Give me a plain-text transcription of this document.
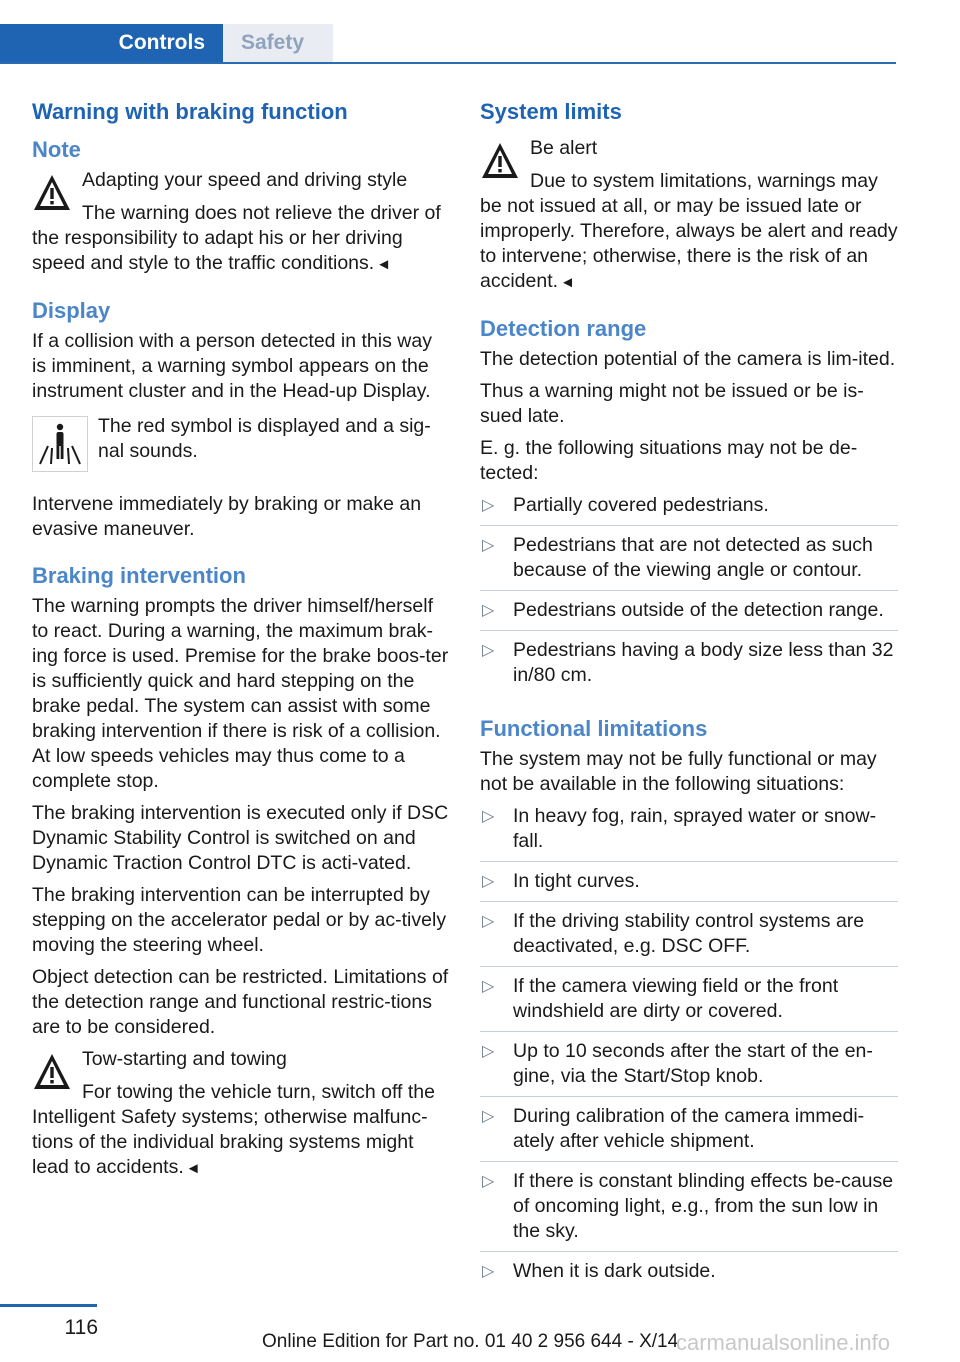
Controls	Safety
Warning with braking function
Note
Adapting your speed and driving style
The warning does not relieve the driver of the responsibility to adapt his or her driving speed and style to the traffic conditions. ◄
Display

If a collision with a person detected in this way is imminent, a warning symbol appears on the instrument cluster and in the Head-up Display.

The red symbol is displayed and a sig-nal sounds.

Intervene immediately by braking or make an evasive maneuver.

Braking intervention

The warning prompts the driver himself/herself to react. During a warning, the maximum brak-ing force is used. Premise for the brake boos-ter is sufficiently quick and hard stepping on the brake pedal. The system can assist with some braking intervention if there is risk of a collision. At low speeds vehicles may thus come to a complete stop.

The braking intervention is executed only if DSC Dynamic Stability Control is switched on and Dynamic Traction Control DTC is acti-vated.

The braking intervention can be interrupted by stepping on the accelerator pedal or by ac-tively moving the steering wheel.

Object detection can be restricted. Limitations of the detection range and functional restric-tions are to be considered.

Tow-starting and towing
For towing the vehicle turn, switch off the Intelligent Safety systems; otherwise malfunc-tions of the individual braking systems might lead to accidents. ◄
System limits
Be alert
Due to system limitations, warnings may be not issued at all, or may be issued late or improperly. Therefore, always be alert and ready to intervene; otherwise, there is the risk of an accident. ◄
Detection range

The detection potential of the camera is lim-ited.

Thus a warning might not be issued or be is-sued late.

E. g. the following situations may not be de-tected:

▷ Partially covered pedestrians.
▷ Pedestrians that are not detected as such because of the viewing angle or contour.
▷ Pedestrians outside of the detection range.
▷ Pedestrians having a body size less than 32 in/80 cm.
Functional limitations

The system may not be fully functional or may not be available in the following situations:

▷ In heavy fog, rain, sprayed water or snow-fall.
▷ In tight curves.
▷ If the driving stability control systems are deactivated, e.g. DSC OFF.
▷ If the camera viewing field or the front windshield are dirty or covered.
▷ Up to 10 seconds after the start of the en-gine, via the Start/Stop knob.
▷ During calibration of the camera immedi-ately after vehicle shipment.
▷ If there is constant blinding effects be-cause of oncoming light, e.g., from the sun low in the sky.
▷ When it is dark outside.
116
Online Edition for Part no. 01 40 2 956 644 - X/14
carmanualsonline.info
